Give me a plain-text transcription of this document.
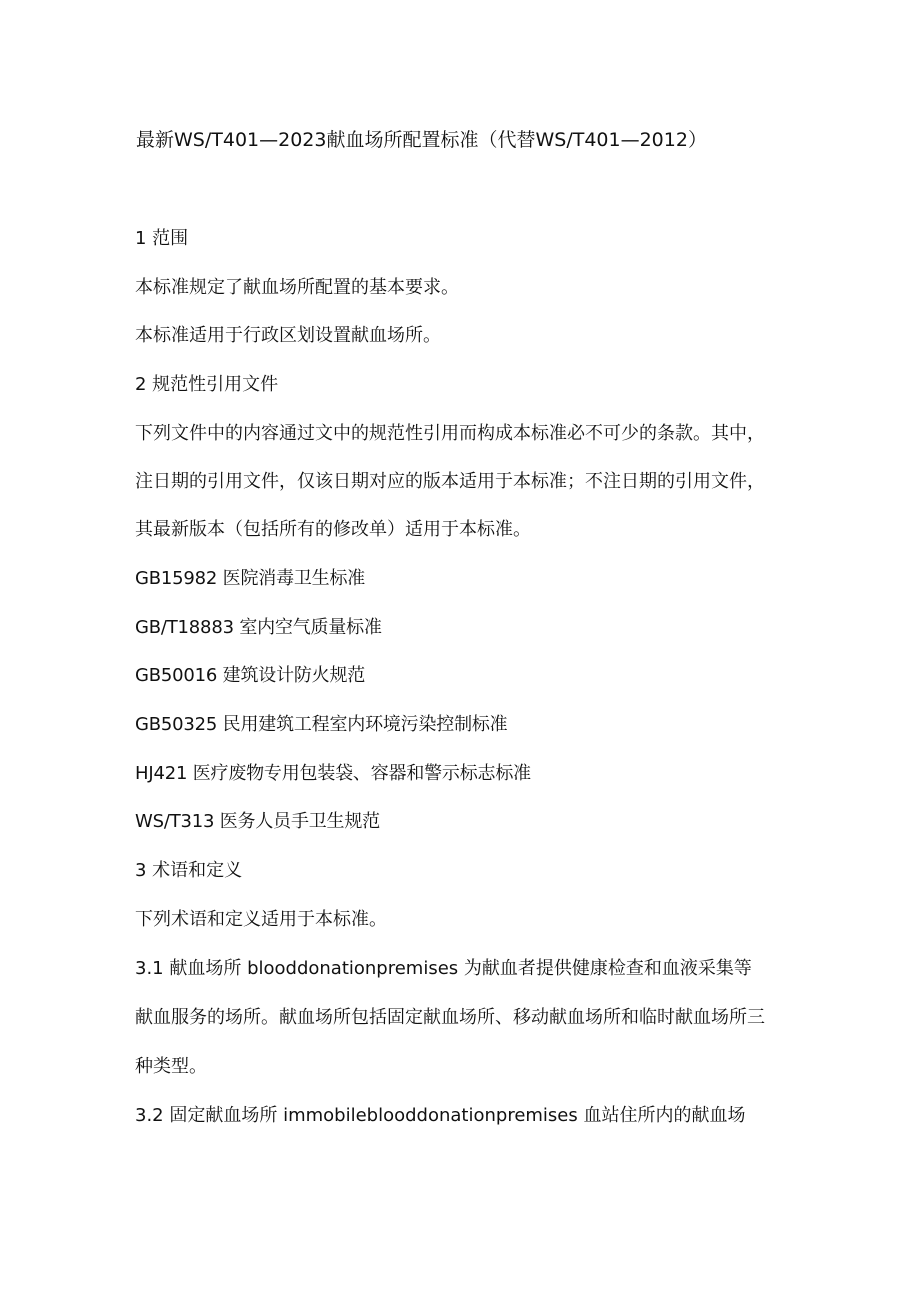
最新WS/T401—2023献血场所配置标准（代替WS/T401—2012）
1 范围
本标准规定了献血场所配置的基本要求。
本标准适用于行政区划设置献血场所。
2 规范性引用文件
下列文件中的内容通过文中的规范性引用而构成本标准必不可少的条款。其中，
注日期的引用文件，仅该日期对应的版本适用于本标准；不注日期的引用文件，
其最新版本（包括所有的修改单）适用于本标准。
GB15982 医院消毒卫生标准
GB/T18883 室内空气质量标准
GB50016 建筑设计防火规范
GB50325 民用建筑工程室内环境污染控制标准
HJ421 医疗废物专用包装袋、容器和警示标志标准
WS/T313 医务人员手卫生规范
3 术语和定义
下列术语和定义适用于本标准。
3.1 献血场所 blooddonationpremises 为献血者提供健康检查和血液采集等
献血服务的场所。献血场所包括固定献血场所、移动献血场所和临时献血场所三
种类型。
3.2 固定献血场所 immobileblooddonationpremises 血站住所内的献血场
